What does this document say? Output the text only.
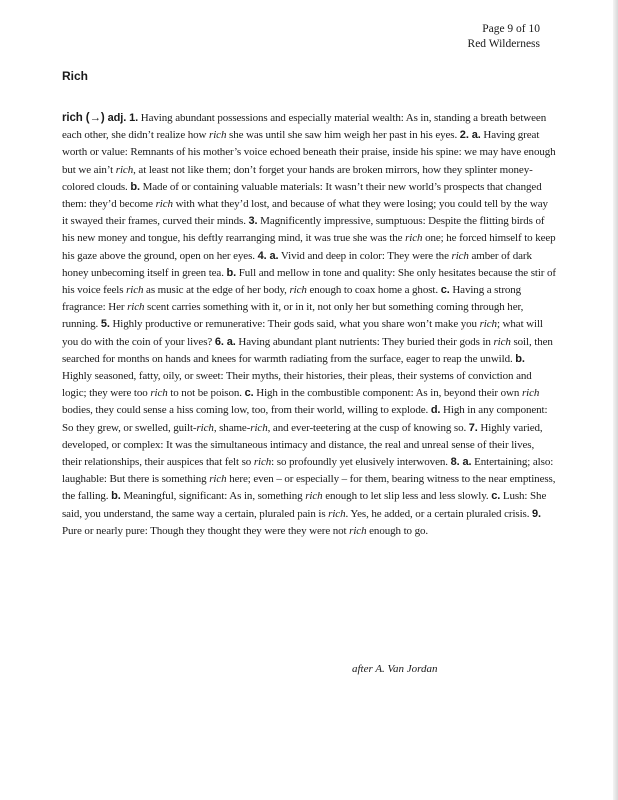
Page 9 of 10
Red Wilderness
Rich
rich (→) adj. 1. Having abundant possessions and especially material wealth: As in, standing a breath between each other, she didn’t realize how rich she was until she saw him weigh her past in his eyes. 2. a. Having great worth or value: Remnants of his mother’s voice echoed beneath their praise, inside his spine: we may have enough but we ain’t rich, at least not like them; don’t forget your hands are broken mirrors, how they splinter money-colored clouds. b. Made of or containing valuable materials: It wasn’t their new world’s prospects that changed them: they’d become rich with what they’d lost, and because of what they were losing; you could tell by the way it swayed their frames, curved their minds. 3. Magnificently impressive, sumptuous: Despite the flitting birds of his new money and tongue, his deftly rearranging mind, it was true she was the rich one; he forced himself to keep his gaze above the ground, open on her eyes. 4. a. Vivid and deep in color: They were the rich amber of dark honey unbecoming itself in green tea. b. Full and mellow in tone and quality: She only hesitates because the stir of his voice feels rich as music at the edge of her body, rich enough to coax home a ghost. c. Having a strong fragrance: Her rich scent carries something with it, or in it, not only her but something coming through her, running. 5. Highly productive or remunerative: Their gods said, what you share won’t make you rich; what will you do with the coin of your lives? 6. a. Having abundant plant nutrients: They buried their gods in rich soil, then searched for months on hands and knees for warmth radiating from the surface, eager to reap the unwild. b. Highly seasoned, fatty, oily, or sweet: Their myths, their histories, their pleas, their systems of conviction and logic; they were too rich to not be poison. c. High in the combustible component: As in, beyond their own rich bodies, they could sense a hiss coming low, too, from their world, willing to explode. d. High in any component: So they grew, or swelled, guilt-rich, shame-rich, and ever-teetering at the cusp of knowing so. 7. Highly varied, developed, or complex: It was the simultaneous intimacy and distance, the real and unreal sense of their lives, their relationships, their auspices that felt so rich: so profoundly yet elusively interwoven. 8. a. Entertaining; also: laughable: But there is something rich here; even – or especially – for them, bearing witness to the near emptiness, the falling. b. Meaningful, significant: As in, something rich enough to let slip less and less slowly. c. Lush: She said, you understand, the same way a certain, pluraled pain is rich. Yes, he added, or a certain pluraled crisis. 9. Pure or nearly pure: Though they thought they were they were not rich enough to go.
after A. Van Jordan
